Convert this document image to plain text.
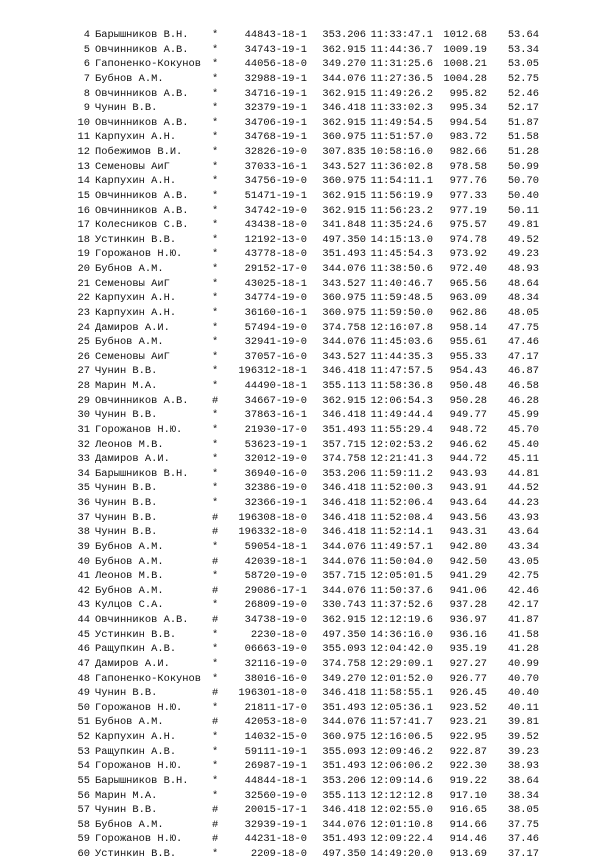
4	Барышников В.Н.	*	44843-18-1	353.206	11:33:47.1	1012.68	53.64
5	Овчинников А.В.	*	34743-19-1	362.915	11:44:36.7	1009.19	53.34
6	Гапоненко-Кокунов	*	44056-18-0	349.270	11:31:25.6	1008.21	53.05
7	Бубнов А.М.	*	32988-19-1	344.076	11:27:36.5	1004.28	52.75
8	Овчинников А.В.	*	34716-19-1	362.915	11:49:26.2	995.82	52.46
9	Чунин В.В.	*	32379-19-1	346.418	11:33:02.3	995.34	52.17
10	Овчинников А.В.	*	34706-19-1	362.915	11:49:54.5	994.54	51.87
11	Карпухин А.Н.	*	34768-19-1	360.975	11:51:57.0	983.72	51.58
12	Побежимов В.И.	*	32826-19-0	307.835	10:58:16.0	982.66	51.28
13	Семеновы АиГ	*	37033-16-1	343.527	11:36:02.8	978.58	50.99
14	Карпухин А.Н.	*	34756-19-0	360.975	11:54:11.1	977.76	50.70
15	Овчинников А.В.	*	51471-19-1	362.915	11:56:19.9	977.33	50.40
16	Овчинников А.В.	*	34742-19-0	362.915	11:56:23.2	977.19	50.11
17	Колесников С.В.	*	43438-18-0	341.848	11:35:24.6	975.57	49.81
18	Устинкин В.В.	*	12192-13-0	497.350	14:15:13.0	974.78	49.52
19	Горожанов Н.Ю.	*	43778-18-0	351.493	11:45:54.3	973.92	49.23
20	Бубнов А.М.	*	29152-17-0	344.076	11:38:50.6	972.40	48.93
21	Семеновы АиГ	*	43025-18-1	343.527	11:40:46.7	965.56	48.64
22	Карпухин А.Н.	*	34774-19-0	360.975	11:59:48.5	963.09	48.34
23	Карпухин А.Н.	*	36160-16-1	360.975	11:59:50.0	962.86	48.05
24	Дамиров А.И.	*	57494-19-0	374.758	12:16:07.8	958.14	47.75
25	Бубнов А.М.	*	32941-19-0	344.076	11:45:03.6	955.61	47.46
26	Семеновы АиГ	*	37057-16-0	343.527	11:44:35.3	955.33	47.17
27	Чунин В.В.	*	196312-18-1	346.418	11:47:57.5	954.43	46.87
28	Марин М.А.	*	44490-18-1	355.113	11:58:36.8	950.48	46.58
29	Овчинников А.В.	#	34667-19-0	362.915	12:06:54.3	950.28	46.28
30	Чунин В.В.	*	37863-16-1	346.418	11:49:44.4	949.77	45.99
31	Горожанов Н.Ю.	*	21930-17-0	351.493	11:55:29.4	948.72	45.70
32	Леонов М.В.	*	53623-19-1	357.715	12:02:53.2	946.62	45.40
33	Дамиров А.И.	*	32012-19-0	374.758	12:21:41.3	944.72	45.11
34	Барышников В.Н.	*	36940-16-0	353.206	11:59:11.2	943.93	44.81
35	Чунин В.В.	*	32386-19-0	346.418	11:52:00.3	943.91	44.52
36	Чунин В.В.	*	32366-19-1	346.418	11:52:06.4	943.64	44.23
37	Чунин В.В.	#	196308-18-0	346.418	11:52:08.4	943.56	43.93
38	Чунин В.В.	#	196332-18-0	346.418	11:52:14.1	943.31	43.64
39	Бубнов А.М.	*	59054-18-1	344.076	11:49:57.1	942.80	43.34
40	Бубнов А.М.	#	42039-18-1	344.076	11:50:04.0	942.50	43.05
41	Леонов М.В.	*	58720-19-0	357.715	12:05:01.5	941.29	42.75
42	Бубнов А.М.	#	29086-17-1	344.076	11:50:37.6	941.06	42.46
43	Кулцов С.А.	*	26809-19-0	330.743	11:37:52.6	937.28	42.17
44	Овчинников А.В.	#	34738-19-0	362.915	12:12:19.6	936.97	41.87
45	Устинкин В.В.	*	2230-18-0	497.350	14:36:16.0	936.16	41.58
46	Ращупкин А.В.	*	06663-19-0	355.093	12:04:42.0	935.19	41.28
47	Дамиров А.И.	*	32116-19-0	374.758	12:29:09.1	927.27	40.99
48	Гапоненко-Кокунов	*	38016-16-0	349.270	12:01:52.0	926.77	40.70
49	Чунин В.В.	#	196301-18-0	346.418	11:58:55.1	926.45	40.40
50	Горожанов Н.Ю.	*	21811-17-0	351.493	12:05:36.1	923.52	40.11
51	Бубнов А.М.	#	42053-18-0	344.076	11:57:41.7	923.21	39.81
52	Карпухин А.Н.	*	14032-15-0	360.975	12:16:06.5	922.95	39.52
53	Ращупкин А.В.	*	59111-19-1	355.093	12:09:46.2	922.87	39.23
54	Горожанов Н.Ю.	*	26987-19-1	351.493	12:06:06.2	922.30	38.93
55	Барышников В.Н.	*	44844-18-1	353.206	12:09:14.6	919.22	38.64
56	Марин М.А.	*	32560-19-0	355.113	12:12:12.8	917.10	38.34
57	Чунин В.В.	#	20015-17-1	346.418	12:02:55.0	916.65	38.05
58	Бубнов А.М.	#	32939-19-1	344.076	12:01:10.8	914.66	37.75
59	Горожанов Н.Ю.	#	44231-18-0	351.493	12:09:22.4	914.46	37.46
60	Устинкин В.В.	*	2209-18-0	497.350	14:49:20.0	913.69	37.17
